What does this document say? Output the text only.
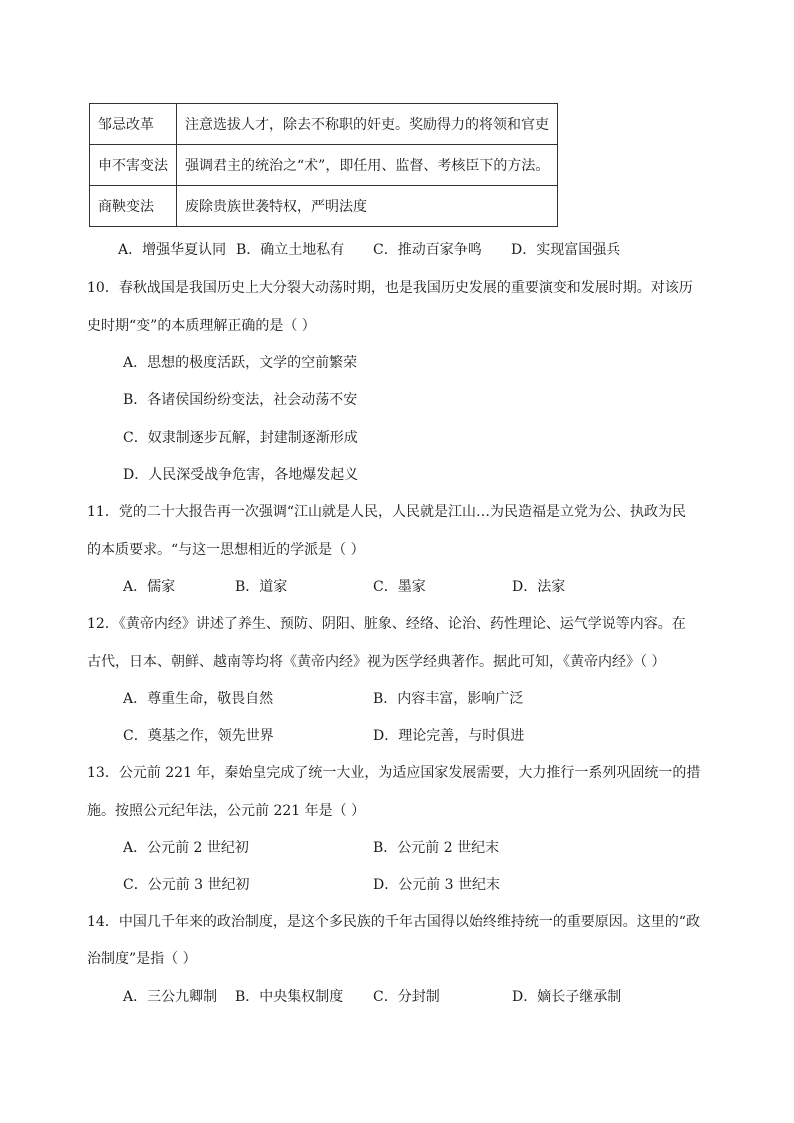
邹忌改革	注意选拔人才，除去不称职的奸吏。奖励得力的将领和官吏
申不害变法	强调君主的统治之“术”，即任用、监督、考核臣下的方法。
商鞅变法	废除贵族世袭特权，严明法度
A．增强华夏认同 B．确立土地私有 C．推动百家争鸣 D．实现富国强兵
10．春秋战国是我国历史上大分裂大动荡时期，也是我国历史发展的重要演变和发展时期。对该历
史时期“变”的本质理解正确的是（ ）
A．思想的极度活跃，文学的空前繁荣
B．各诸侯国纷纷变法，社会动荡不安
C．奴隶制逐步瓦解，封建制逐渐形成
D．人民深受战争危害，各地爆发起义
11．党的二十大报告再一次强调“江山就是人民，人民就是江山…为民造福是立党为公、执政为民
的本质要求。“与这一思想相近的学派是（ ）
A．儒家	B．道家	C．墨家	D．法家
12．《黄帝内经》讲述了养生、预防、阴阳、脏象、经络、论治、药性理论、运气学说等内容。在
古代，日本、朝鲜、越南等均将《黄帝内经》视为医学经典著作。据此可知，《黄帝内经》（ ）
A．尊重生命，敬畏自然	B．内容丰富，影响广泛
C．奠基之作，领先世界	D．理论完善，与时俱进
13．公元前 221 年，秦始皇完成了统一大业，为适应国家发展需要，大力推行一系列巩固统一的措
施。按照公元纪年法，公元前 221 年是（ ）
A．公元前 2 世纪初	B．公元前 2 世纪末
C．公元前 3 世纪初	D．公元前 3 世纪末
14．中国几千年来的政治制度，是这个多民族的千年古国得以始终维持统一的重要原因。这里的“政
治制度”是指（ ）
A．三公九卿制 B．中央集权制度 C．分封制	D．嫡长子继承制
